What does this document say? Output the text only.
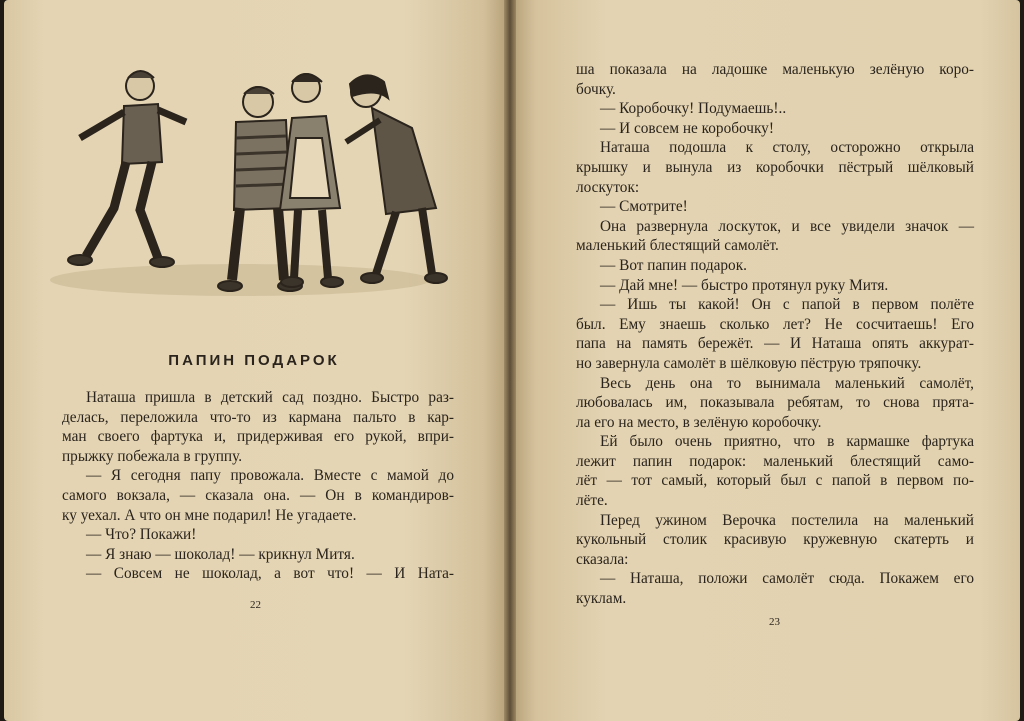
ПАПИН ПОДАРОК
Наташа пришла в детский сад поздно. Быстро раз-
делась, переложила что-то из кармана пальто в кар-
ман своего фартука и, придерживая его рукой, впри-
прыжку побежала в группу.
— Я сегодня папу провожала. Вместе с мамой до
самого вокзала, — сказала она. — Он в командиров-
ку уехал. А что он мне подарил! Не угадаете.
— Что? Покажи!
— Я знаю — шоколад! — крикнул Митя.
— Совсем не шоколад, а вот что! — И Ната-
22
ша показала на ладошке маленькую зелёную коро-
бочку.
— Коробочку! Подумаешь!..
— И совсем не коробочку!
Наташа подошла к столу, осторожно открыла
крышку и вынула из коробочки пёстрый шёлковый
лоскуток:
— Смотрите!
Она развернула лоскуток, и все увидели значок —
маленький блестящий самолёт.
— Вот папин подарок.
— Дай мне! — быстро протянул руку Митя.
— Ишь ты какой! Он с папой в первом полёте
был. Ему знаешь сколько лет? Не сосчитаешь! Его
папа на память бережёт. — И Наташа опять аккурат-
но завернула самолёт в шёлковую пёструю тряпочку.
Весь день она то вынимала маленький самолёт,
любовалась им, показывала ребятам, то снова прята-
ла его на место, в зелёную коробочку.
Ей было очень приятно, что в кармашке фартука
лежит папин подарок: маленький блестящий само-
лёт — тот самый, который был с папой в первом по-
лёте.
Перед ужином Верочка постелила на маленький
кукольный столик красивую кружевную скатерть и
сказала:
— Наташа, положи самолёт сюда. Покажем его
куклам.
23
